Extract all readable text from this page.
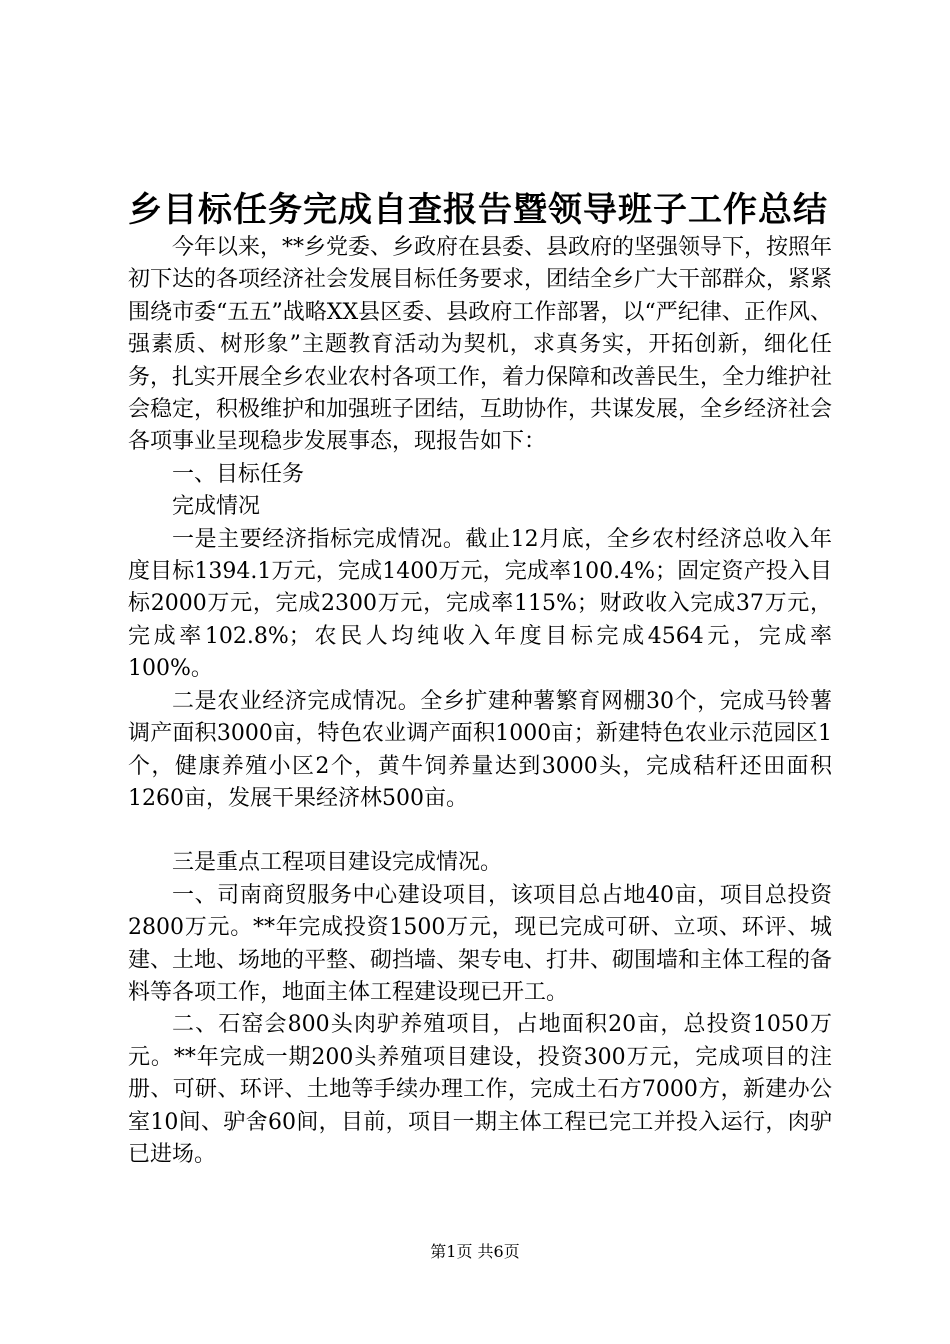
乡目标任务完成自查报告暨领导班子工作总结

今年以来，**乡党委、乡政府在县委、县政府的坚强领导下，按照年初下达的各项经济社会发展目标任务要求，团结全乡广大干部群众，紧紧围绕市委“五五”战略XX县区委、县政府工作部署，以“严纪律、正作风、强素质、树形象”主题教育活动为契机，求真务实，开拓创新，细化任务，扎实开展全乡农业农村各项工作，着力保障和改善民生，全力维护社会稳定，积极维护和加强班子团结，互助协作，共谋发展，全乡经济社会各项事业呈现稳步发展事态，现报告如下：

一、目标任务

完成情况

一是主要经济指标完成情况。截止12月底，全乡农村经济总收入年度目标1394.1万元，完成1400万元，完成率100.4%；固定资产投入目标2000万元，完成2300万元，完成率115%；财政收入完成37万元，完成率102.8%；农民人均纯收入年度目标完成4564元，完成率100%。

二是农业经济完成情况。全乡扩建种薯繁育网棚30个，完成马铃薯调产面积3000亩，特色农业调产面积1000亩；新建特色农业示范园区1个，健康养殖小区2个，黄牛饲养量达到3000头，完成秸秆还田面积1260亩，发展干果经济林500亩。

三是重点工程项目建设完成情况。

一、司南商贸服务中心建设项目，该项目总占地40亩，项目总投资2800万元。**年完成投资1500万元，现已完成可研、立项、环评、城建、土地、场地的平整、砌挡墙、架专电、打井、砌围墙和主体工程的备料等各项工作，地面主体工程建设现已开工。

二、石窑会800头肉驴养殖项目，占地面积20亩，总投资1050万元。**年完成一期200头养殖项目建设，投资300万元，完成项目的注册、可研、环评、土地等手续办理工作，完成土石方7000方，新建办公室10间、驴舍60间，目前，项目一期主体工程已完工并投入运行，肉驴已进场。

第1页 共6页
